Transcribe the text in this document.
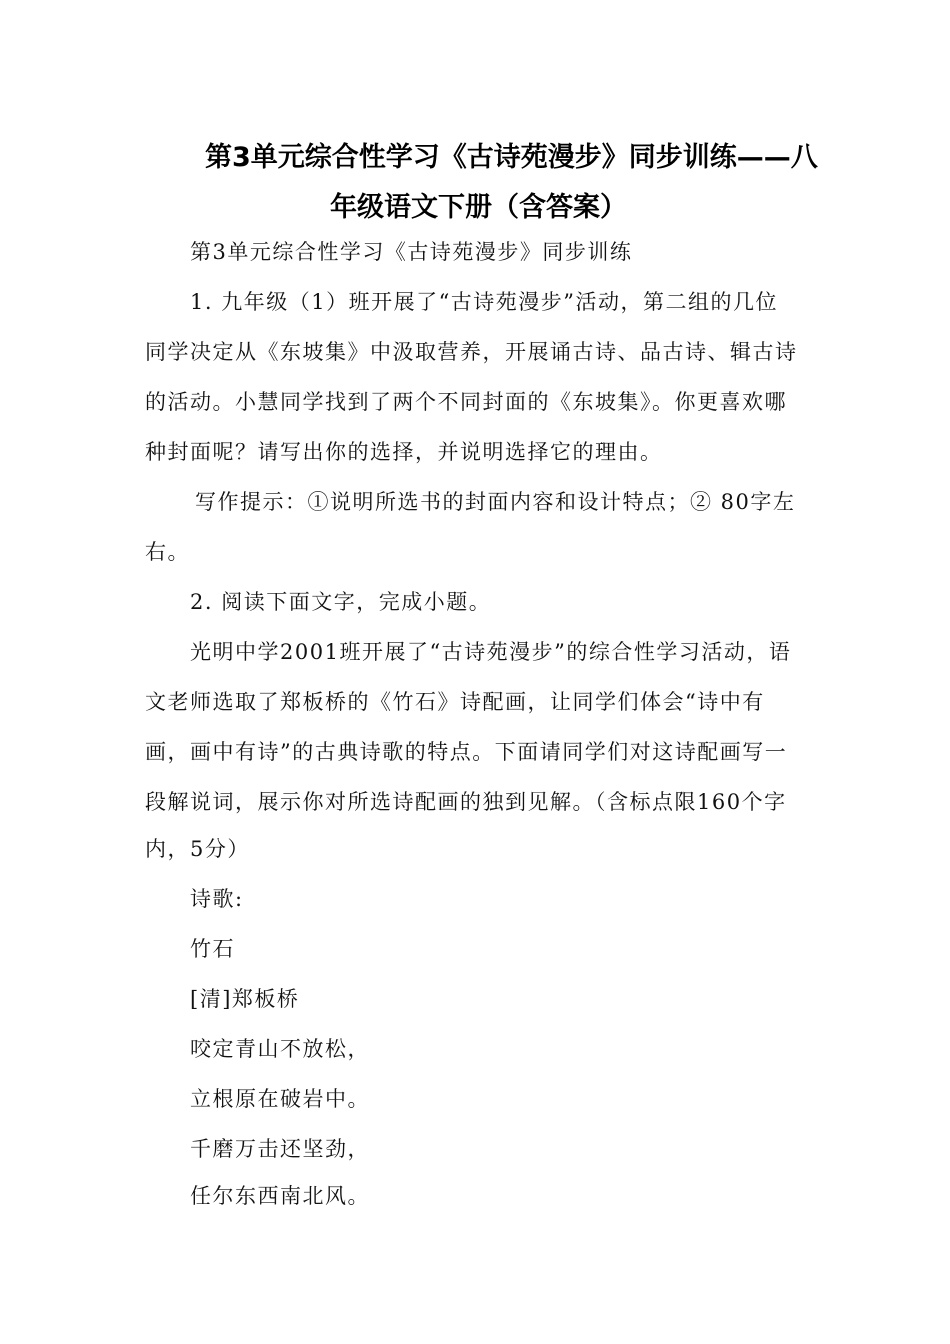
第3单元综合性学习《古诗苑漫步》同步训练——八
年级语文下册（含答案）
第3单元综合性学习《古诗苑漫步》同步训练
1. 九年级（1）班开展了“古诗苑漫步”活动，第二组的几位
同学决定从《东坡集》中汲取营养，开展诵古诗、品古诗、辑古诗
的活动。小慧同学找到了两个不同封面的《东坡集》。你更喜欢哪
种封面呢？请写出你的选择，并说明选择它的理由。
写作提示：①说明所选书的封面内容和设计特点；② 80字左
右。
2. 阅读下面文字，完成小题。
光明中学2001班开展了“古诗苑漫步”的综合性学习活动，语
文老师选取了郑板桥的《竹石》诗配画，让同学们体会“诗中有
画，画中有诗”的古典诗歌的特点。下面请同学们对这诗配画写一
段解说词，展示你对所选诗配画的独到见解。（含标点限160个字
内，5分）
诗歌:
竹石
[清]郑板桥
咬定青山不放松，
立根原在破岩中。
千磨万击还坚劲，
任尔东西南北风。
